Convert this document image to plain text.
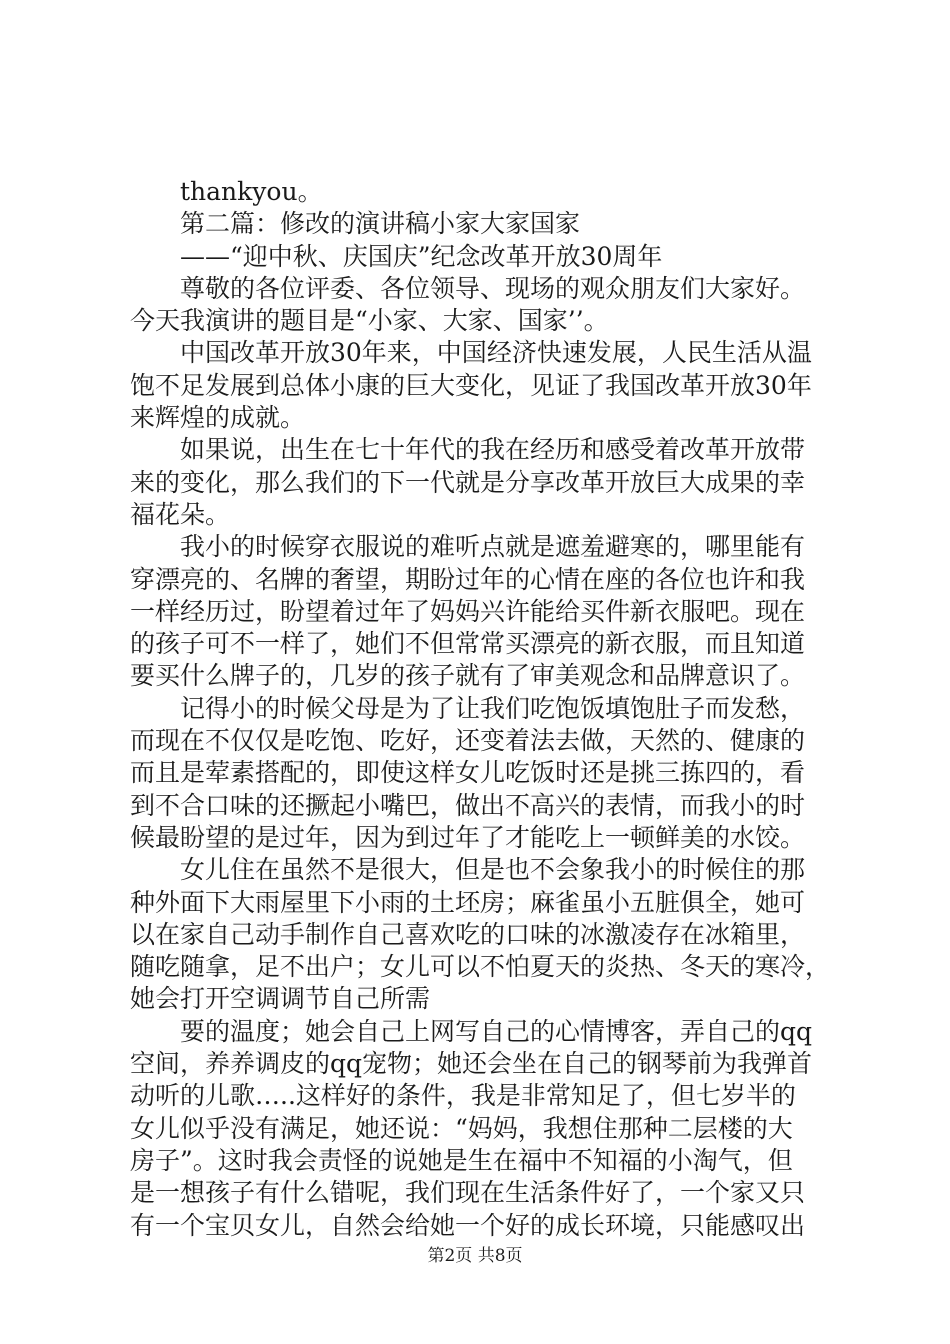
thankyou。
第二篇：修改的演讲稿小家大家国家
——“迎中秋、庆国庆”纪念改革开放30周年
尊敬的各位评委、各位领导、现场的观众朋友们大家好。
今天我演讲的题目是“小家、大家、国家’’。
中国改革开放30年来，中国经济快速发展，人民生活从温
饱不足发展到总体小康的巨大变化，见证了我国改革开放30年
来辉煌的成就。
如果说，出生在七十年代的我在经历和感受着改革开放带
来的变化，那么我们的下一代就是分享改革开放巨大成果的幸
福花朵。
我小的时候穿衣服说的难听点就是遮羞避寒的，哪里能有
穿漂亮的、名牌的奢望，期盼过年的心情在座的各位也许和我
一样经历过，盼望着过年了妈妈兴许能给买件新衣服吧。现在
的孩子可不一样了，她们不但常常买漂亮的新衣服，而且知道
要买什么牌子的，几岁的孩子就有了审美观念和品牌意识了。
记得小的时候父母是为了让我们吃饱饭填饱肚子而发愁，
而现在不仅仅是吃饱、吃好，还变着法去做，天然的、健康的
而且是荤素搭配的，即使这样女儿吃饭时还是挑三拣四的，看
到不合口味的还撅起小嘴巴，做出不高兴的表情，而我小的时
候最盼望的是过年，因为到过年了才能吃上一顿鲜美的水饺。
女儿住在虽然不是很大，但是也不会象我小的时候住的那
种外面下大雨屋里下小雨的土坯房；麻雀虽小五脏俱全，她可
以在家自己动手制作自己喜欢吃的口味的冰激凌存在冰箱里，
随吃随拿，足不出户；女儿可以不怕夏天的炎热、冬天的寒冷，
她会打开空调调节自己所需
要的温度；她会自己上网写自己的心情博客，弄自己的qq
空间，养养调皮的qq宠物；她还会坐在自己的钢琴前为我弹首
动听的儿歌…..这样好的条件，我是非常知足了，但七岁半的
女儿似乎没有满足，她还说：“妈妈，我想住那种二层楼的大
房子”。这时我会责怪的说她是生在福中不知福的小淘气，但
是一想孩子有什么错呢，我们现在生活条件好了，一个家又只
有一个宝贝女儿，自然会给她一个好的成长环境，只能感叹出
第2页 共8页
